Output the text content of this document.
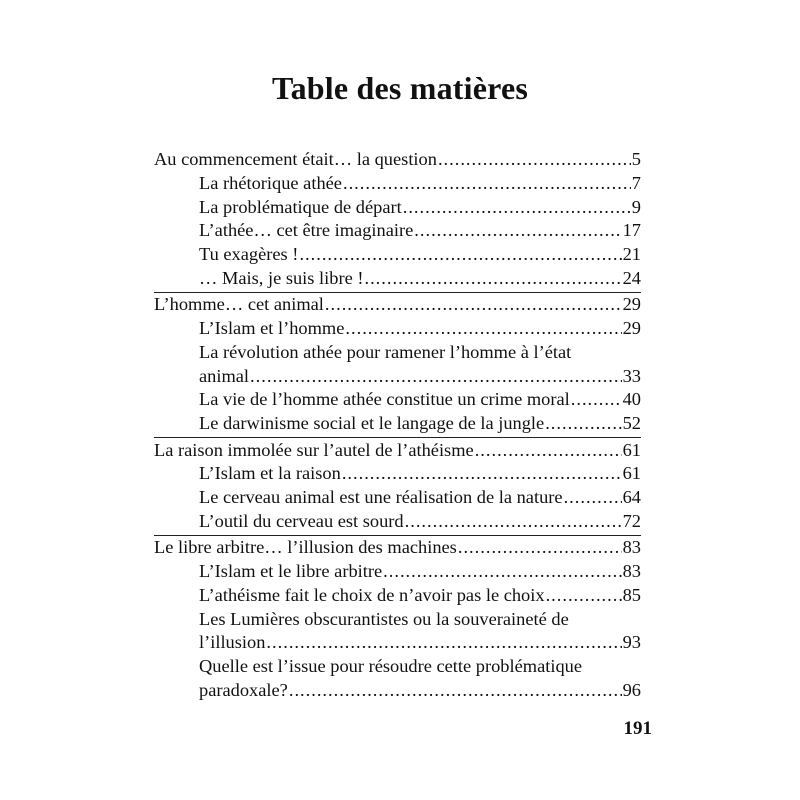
Table des matières
Au commencement était… la question .....	5
La rhétorique athée .....	7
La problématique de départ .....	9
L’athée… cet être imaginaire .....	17
Tu exagères ! .....	21
… Mais, je suis libre ! .....	24
L’homme… cet animal .....	29
L’Islam et l’homme .....	29
La révolution athée pour ramener l’homme à l’état
animal .....	33
La vie de l’homme athée constitue un crime moral .....	40
Le darwinisme social et le langage de la jungle .....	52
La raison immolée sur l’autel de l’athéisme .....	61
L’Islam et la raison .....	61
Le cerveau animal est une réalisation de la nature .....	64
L’outil du cerveau est sourd .....	72
Le libre arbitre… l’illusion des machines .....	83
L’Islam et le libre arbitre .....	83
L’athéisme fait le choix de n’avoir pas le choix .....	85
Les Lumières obscurantistes ou la souveraineté de
l’illusion .....	93
Quelle est l’issue pour résoudre cette problématique
paradoxale? .....	96

191
